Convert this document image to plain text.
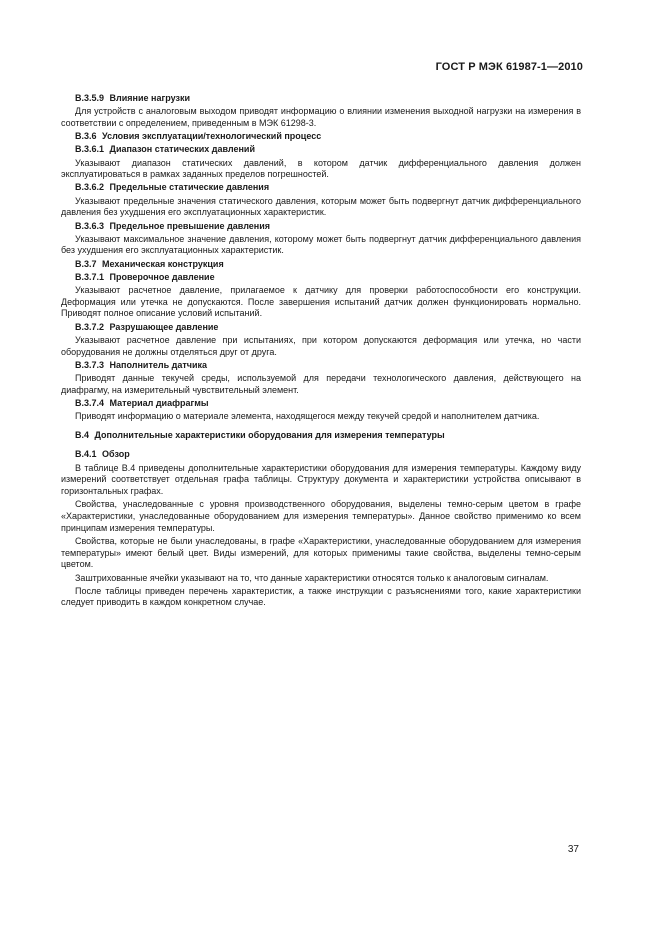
ГОСТ Р МЭК 61987-1—2010
B.3.5.9 Влияние нагрузки
Для устройств с аналоговым выходом приводят информацию о влиянии изменения выходной нагрузки на измерения в соответствии с определением, приведенным в МЭК 61298-3.
B.3.6 Условия эксплуатации/технологический процесс
B.3.6.1 Диапазон статических давлений
Указывают диапазон статических давлений, в котором датчик дифференциального давления должен эксплуатироваться в рамках заданных пределов погрешностей.
B.3.6.2 Предельные статические давления
Указывают предельные значения статического давления, которым может быть подвергнут датчик дифференциального давления без ухудшения его эксплуатационных характеристик.
B.3.6.3 Предельное превышение давления
Указывают максимальное значение давления, которому может быть подвергнут датчик дифференциального давления без ухудшения его эксплуатационных характеристик.
B.3.7 Механическая конструкция
B.3.7.1 Проверочное давление
Указывают расчетное давление, прилагаемое к датчику для проверки работоспособности его конструкции. Деформация или утечка не допускаются. После завершения испытаний датчик должен функционировать нормально. Приводят полное описание условий испытаний.
B.3.7.2 Разрушающее давление
Указывают расчетное давление при испытаниях, при котором допускаются деформация или утечка, но части оборудования не должны отделяться друг от друга.
B.3.7.3 Наполнитель датчика
Приводят данные текучей среды, используемой для передачи технологического давления, действующего на диафрагму, на измерительный чувствительный элемент.
B.3.7.4 Материал диафрагмы
Приводят информацию о материале элемента, находящегося между текучей средой и наполнителем датчика.
B.4 Дополнительные характеристики оборудования для измерения температуры
B.4.1 Обзор
В таблице В.4 приведены дополнительные характеристики оборудования для измерения температуры. Каждому виду измерений соответствует отдельная графа таблицы. Структуру документа и характеристики устройства описывают в горизонтальных графах.
Свойства, унаследованные с уровня производственного оборудования, выделены темно-серым цветом в графе «Характеристики, унаследованные оборудованием для измерения температуры». Данное свойство применимо ко всем принципам измерения температуры.
Свойства, которые не были унаследованы, в графе «Характеристики, унаследованные оборудованием для измерения температуры» имеют белый цвет. Виды измерений, для которых применимы такие свойства, выделены темно-серым цветом.
Заштрихованные ячейки указывают на то, что данные характеристики относятся только к аналоговым сигналам.
После таблицы приведен перечень характеристик, а также инструкции с разъяснениями того, какие характеристики следует приводить в каждом конкретном случае.
37
